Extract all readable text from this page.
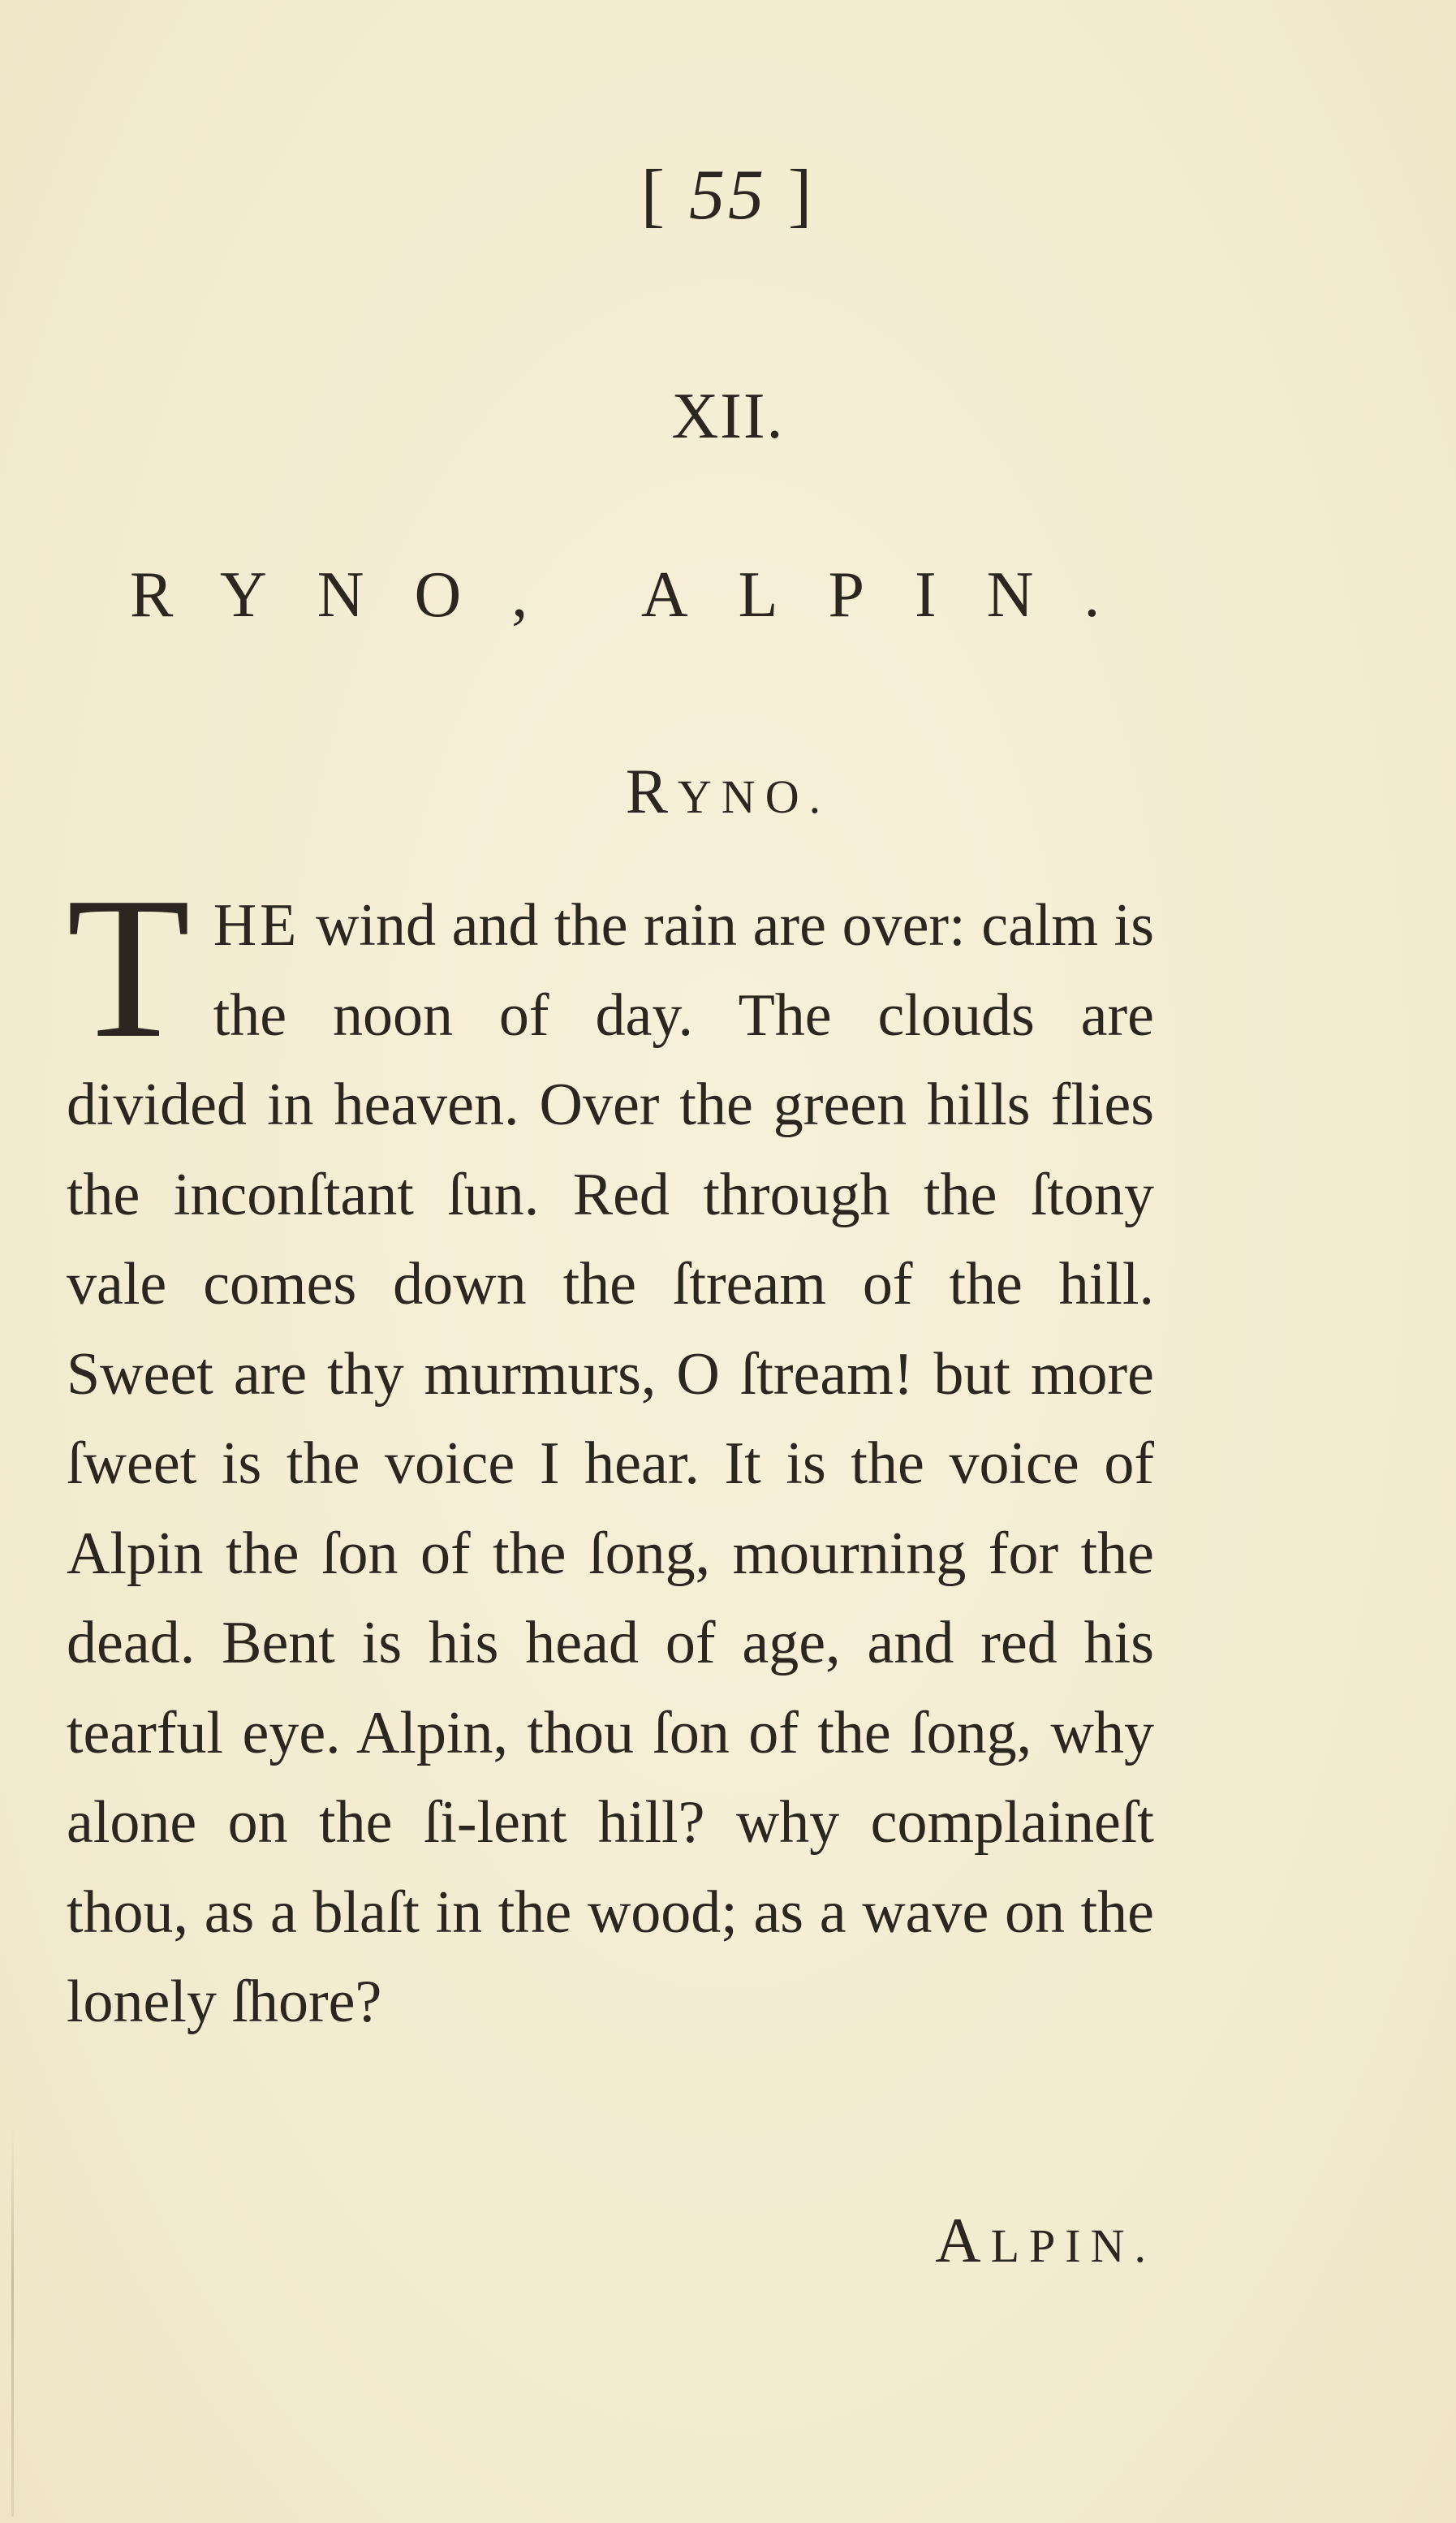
[ 55 ]
XII.
RYNO, ALPIN.
RYNO.
THE wind and the rain are over: calm is the noon of day. The clouds are divided in heaven. Over the green hills flies the inconſtant ſun. Red through the ſtony vale comes down the ſtream of the hill. Sweet are thy murmurs, O ſtream! but more ſweet is the voice I hear. It is the voice of Alpin the ſon of the ſong, mourning for the dead. Bent is his head of age, and red his tearful eye. Alpin, thou ſon of the ſong, why alone on the ſi-lent hill? why complaineſt thou, as a blaſt in the wood; as a wave on the lonely ſhore?
ALPIN.
